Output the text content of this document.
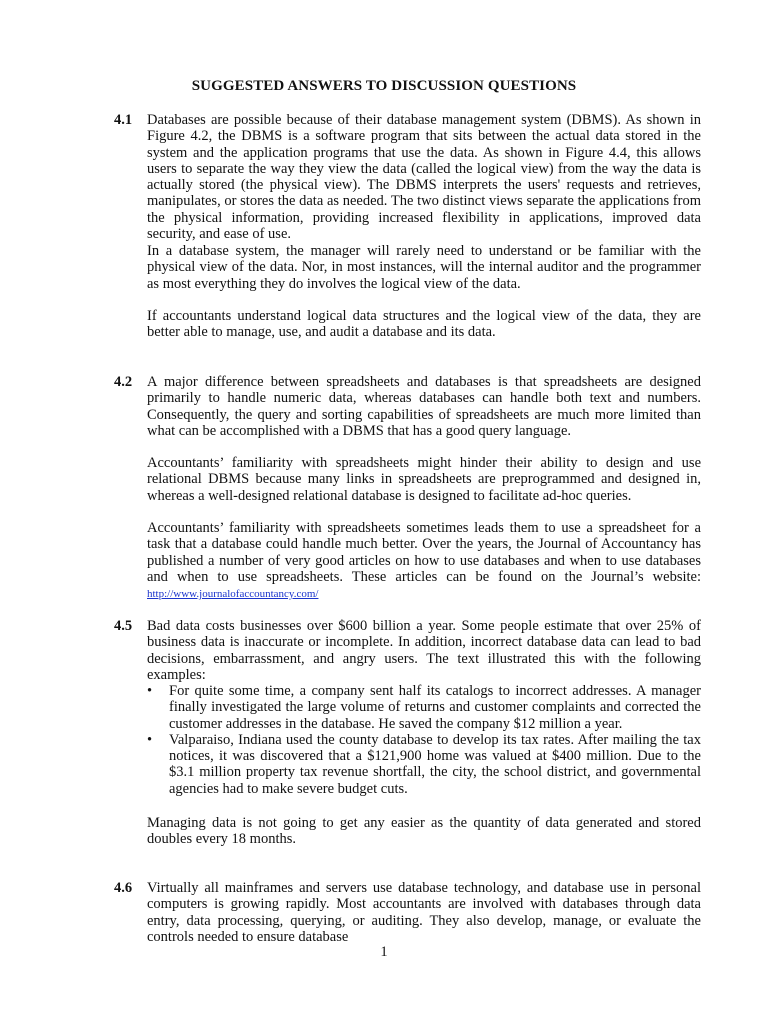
SUGGESTED ANSWERS TO DISCUSSION QUESTIONS
4.1 Databases are possible because of their database management system (DBMS). As shown in Figure 4.2, the DBMS is a software program that sits between the actual data stored in the system and the application programs that use the data. As shown in Figure 4.4, this allows users to separate the way they view the data (called the logical view) from the way the data is actually stored (the physical view). The DBMS interprets the users' requests and retrieves, manipulates, or stores the data as needed. The two distinct views separate the applications from the physical information, providing increased flexibility in applications, improved data security, and ease of use.
In a database system, the manager will rarely need to understand or be familiar with the physical view of the data. Nor, in most instances, will the internal auditor and the programmer as most everything they do involves the logical view of the data.
If accountants understand logical data structures and the logical view of the data, they are better able to manage, use, and audit a database and its data.
4.2 A major difference between spreadsheets and databases is that spreadsheets are designed primarily to handle numeric data, whereas databases can handle both text and numbers. Consequently, the query and sorting capabilities of spreadsheets are much more limited than what can be accomplished with a DBMS that has a good query language.
Accountants’ familiarity with spreadsheets might hinder their ability to design and use relational DBMS because many links in spreadsheets are preprogrammed and designed in, whereas a well-designed relational database is designed to facilitate ad-hoc queries.
Accountants’ familiarity with spreadsheets sometimes leads them to use a spreadsheet for a task that a database could handle much better. Over the years, the Journal of Accountancy has published a number of very good articles on how to use databases and when to use databases and when to use spreadsheets. These articles can be found on the Journal’s website: http://www.journalofaccountancy.com/
4.5 Bad data costs businesses over $600 billion a year. Some people estimate that over 25% of business data is inaccurate or incomplete. In addition, incorrect database data can lead to bad decisions, embarrassment, and angry users. The text illustrated this with the following examples:
• For quite some time, a company sent half its catalogs to incorrect addresses. A manager finally investigated the large volume of returns and customer complaints and corrected the customer addresses in the database. He saved the company $12 million a year.
• Valparaiso, Indiana used the county database to develop its tax rates. After mailing the tax notices, it was discovered that a $121,900 home was valued at $400 million. Due to the $3.1 million property tax revenue shortfall, the city, the school district, and governmental agencies had to make severe budget cuts.
Managing data is not going to get any easier as the quantity of data generated and stored doubles every 18 months.
4.6 Virtually all mainframes and servers use database technology, and database use in personal computers is growing rapidly. Most accountants are involved with databases through data entry, data processing, querying, or auditing. They also develop, manage, or evaluate the controls needed to ensure database
1
